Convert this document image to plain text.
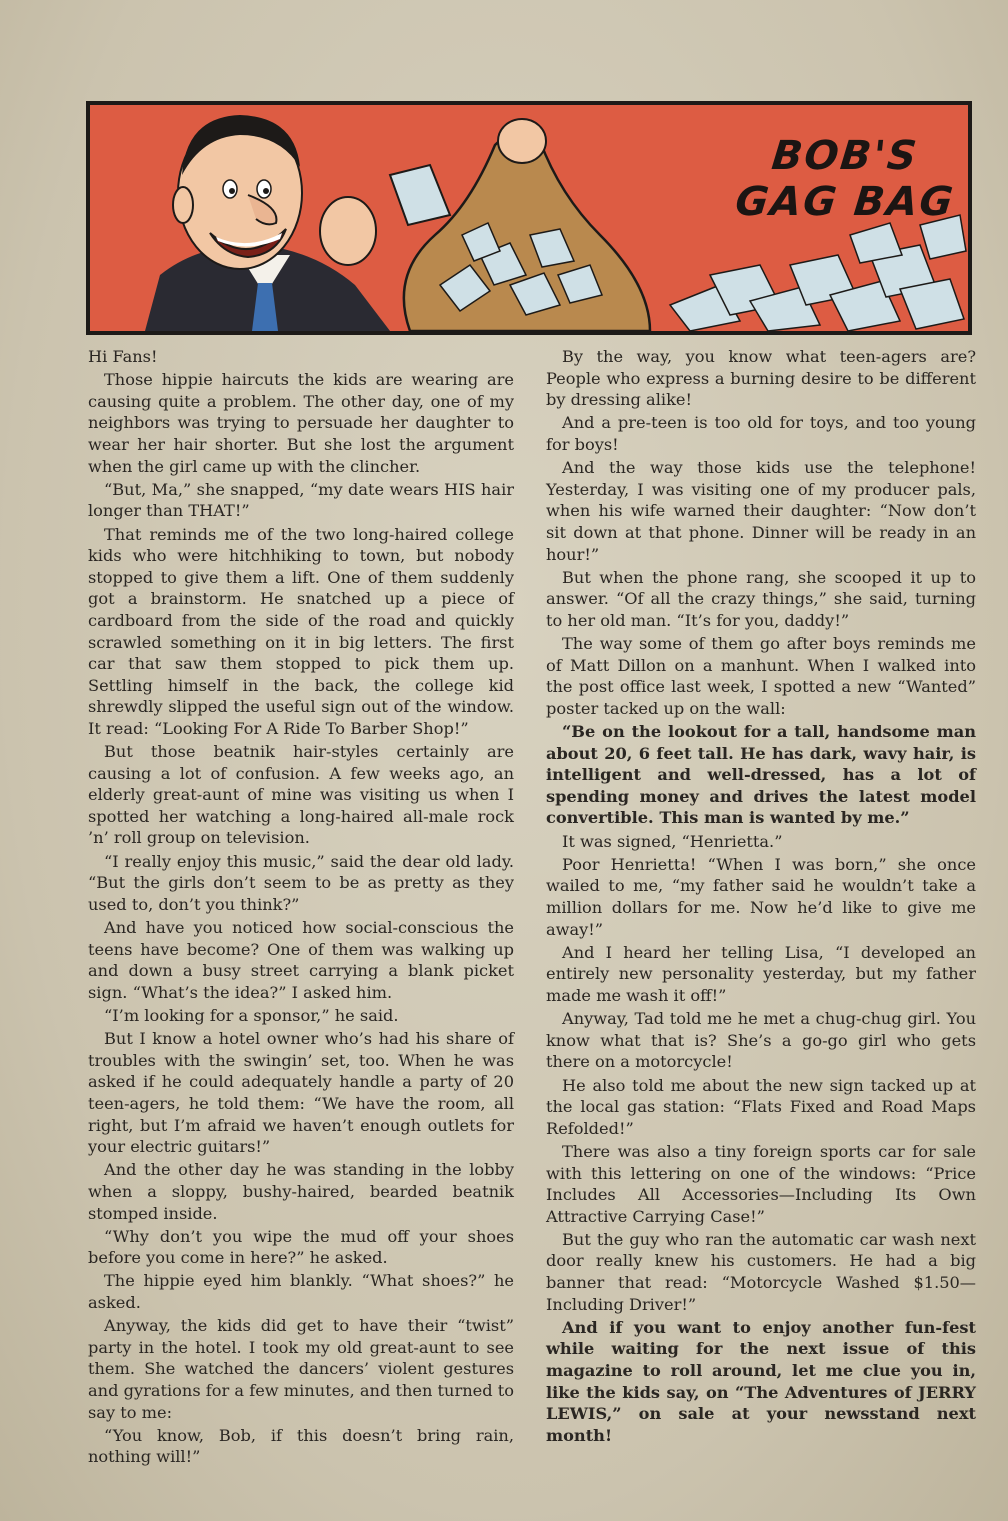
BOB'S
GAG BAG

Hi Fans!

Those hippie haircuts the kids are wearing are causing quite a problem. The other day, one of my neighbors was trying to persuade her daughter to wear her hair shorter. But she lost the argument when the girl came up with the clincher.

“But, Ma,” she snapped, “my date wears HIS hair longer than THAT!”

That reminds me of the two long-haired college kids who were hitchhiking to town, but nobody stopped to give them a lift. One of them suddenly got a brainstorm. He snatched up a piece of cardboard from the side of the road and quickly scrawled something on it in big letters. The first car that saw them stopped to pick them up. Settling himself in the back, the college kid shrewdly slipped the useful sign out of the window. It read: “Looking For A Ride To Barber Shop!”

But those beatnik hair-styles certainly are causing a lot of confusion. A few weeks ago, an elderly great-aunt of mine was visiting us when I spotted her watching a long-haired all-male rock ’n’ roll group on television.

“I really enjoy this music,” said the dear old lady. “But the girls don’t seem to be as pretty as they used to, don’t you think?”

And have you noticed how social-conscious the teens have become? One of them was walking up and down a busy street carrying a blank picket sign. “What’s the idea?” I asked him.

“I’m looking for a sponsor,” he said.

But I know a hotel owner who’s had his share of troubles with the swingin’ set, too. When he was asked if he could adequately handle a party of 20 teen-agers, he told them: “We have the room, all right, but I’m afraid we haven’t enough outlets for your electric guitars!”

And the other day he was standing in the lobby when a sloppy, bushy-haired, bearded beatnik stomped inside.

“Why don’t you wipe the mud off your shoes before you come in here?” he asked.

The hippie eyed him blankly. “What shoes?” he asked.

Anyway, the kids did get to have their “twist” party in the hotel. I took my old great-aunt to see them. She watched the dancers’ violent gestures and gyrations for a few minutes, and then turned to say to me:

“You know, Bob, if this doesn’t bring rain, nothing will!”

By the way, you know what teen-agers are? People who express a burning desire to be different by dressing alike!

And a pre-teen is too old for toys, and too young for boys!

And the way those kids use the telephone! Yesterday, I was visiting one of my producer pals, when his wife warned their daughter: “Now don’t sit down at that phone. Dinner will be ready in an hour!”

But when the phone rang, she scooped it up to answer. “Of all the crazy things,” she said, turning to her old man. “It’s for you, daddy!”

The way some of them go after boys reminds me of Matt Dillon on a manhunt. When I walked into the post office last week, I spotted a new “Wanted” poster tacked up on the wall:

“Be on the lookout for a tall, handsome man about 20, 6 feet tall. He has dark, wavy hair, is intelligent and well-dressed, has a lot of spending money and drives the latest model convertible. This man is wanted by me.”

It was signed, “Henrietta.”

Poor Henrietta! “When I was born,” she once wailed to me, “my father said he wouldn’t take a million dollars for me. Now he’d like to give me away!”

And I heard her telling Lisa, “I developed an entirely new personality yesterday, but my father made me wash it off!”

Anyway, Tad told me he met a chug-chug girl. You know what that is? She’s a go-go girl who gets there on a motorcycle!

He also told me about the new sign tacked up at the local gas station: “Flats Fixed and Road Maps Refolded!”

There was also a tiny foreign sports car for sale with this lettering on one of the windows: “Price Includes All Accessories—Including Its Own Attractive Carrying Case!”

But the guy who ran the automatic car wash next door really knew his customers. He had a big banner that read: “Motorcycle Washed $1.50—Including Driver!”

And if you want to enjoy another fun-fest while waiting for the next issue of this magazine to roll around, let me clue you in, like the kids say, on “The Adventures of JERRY LEWIS,” on sale at your newsstand next month!
